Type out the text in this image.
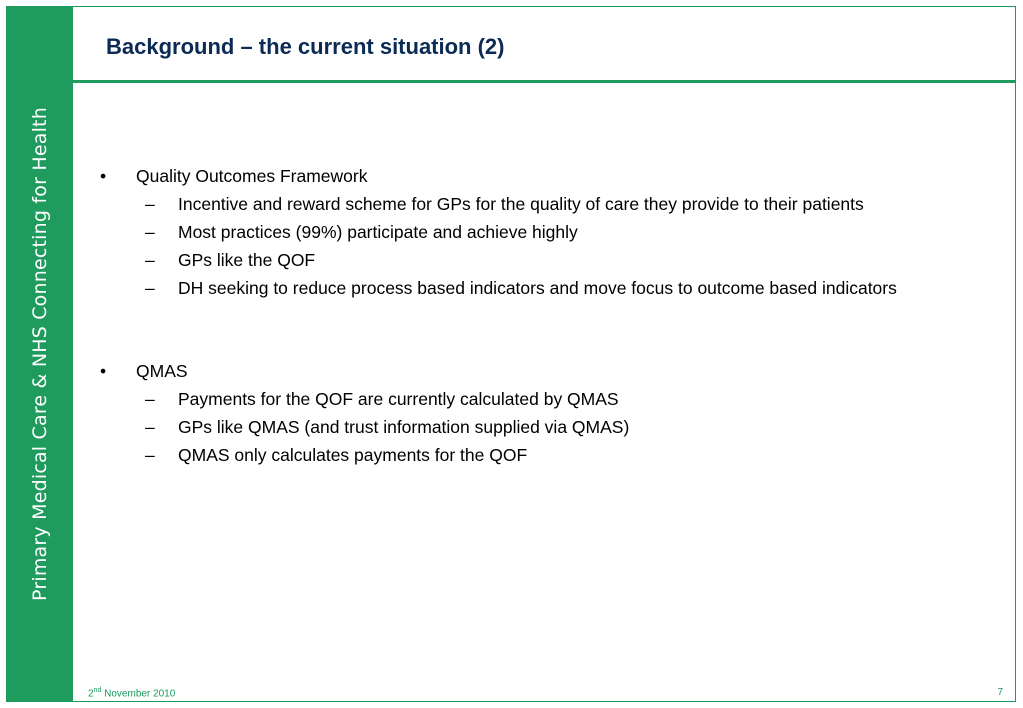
Primary Medical Care & NHS Connecting for Health
Background – the current situation (2)
• Quality Outcomes Framework
– Incentive and reward scheme for GPs for the quality of care they provide to their patients
– Most practices (99%) participate and achieve highly
– GPs like the QOF
– DH seeking to reduce process based indicators and move focus to outcome based indicators
• QMAS
– Payments for the QOF are currently calculated by QMAS
– GPs like QMAS (and trust information supplied via QMAS)
– QMAS only calculates payments for the QOF
2nd November 2010	7
